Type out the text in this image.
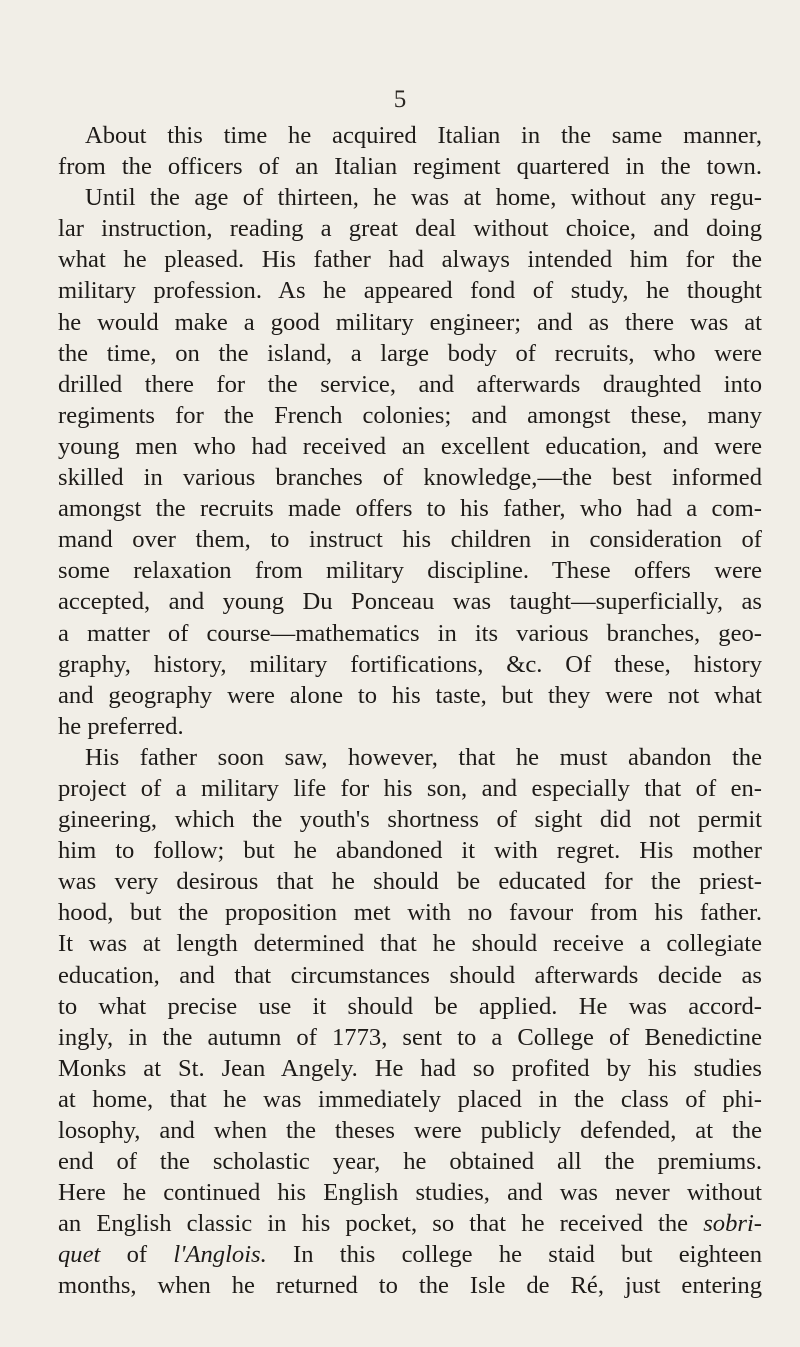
5
About this time he acquired Italian in the same manner,
from the officers of an Italian regiment quartered in the town.
Until the age of thirteen, he was at home, without any regu-
lar instruction, reading a great deal without choice, and doing
what he pleased. His father had always intended him for the
military profession. As he appeared fond of study, he thought
he would make a good military engineer; and as there was at
the time, on the island, a large body of recruits, who were
drilled there for the service, and afterwards draughted into
regiments for the French colonies; and amongst these, many
young men who had received an excellent education, and were
skilled in various branches of knowledge,—the best informed
amongst the recruits made offers to his father, who had a com-
mand over them, to instruct his children in consideration of
some relaxation from military discipline. These offers were
accepted, and young Du Ponceau was taught—superficially, as
a matter of course—mathematics in its various branches, geo-
graphy, history, military fortifications, &c. Of these, history
and geography were alone to his taste, but they were not what
he preferred.
His father soon saw, however, that he must abandon the
project of a military life for his son, and especially that of en-
gineering, which the youth's shortness of sight did not permit
him to follow; but he abandoned it with regret. His mother
was very desirous that he should be educated for the priest-
hood, but the proposition met with no favour from his father.
It was at length determined that he should receive a collegiate
education, and that circumstances should afterwards decide as
to what precise use it should be applied. He was accord-
ingly, in the autumn of 1773, sent to a College of Benedictine
Monks at St. Jean Angely. He had so profited by his studies
at home, that he was immediately placed in the class of phi-
losophy, and when the theses were publicly defended, at the
end of the scholastic year, he obtained all the premiums.
Here he continued his English studies, and was never without
an English classic in his pocket, so that he received the sobri-
quet of l'Anglois. In this college he staid but eighteen
months, when he returned to the Isle de Ré, just entering
